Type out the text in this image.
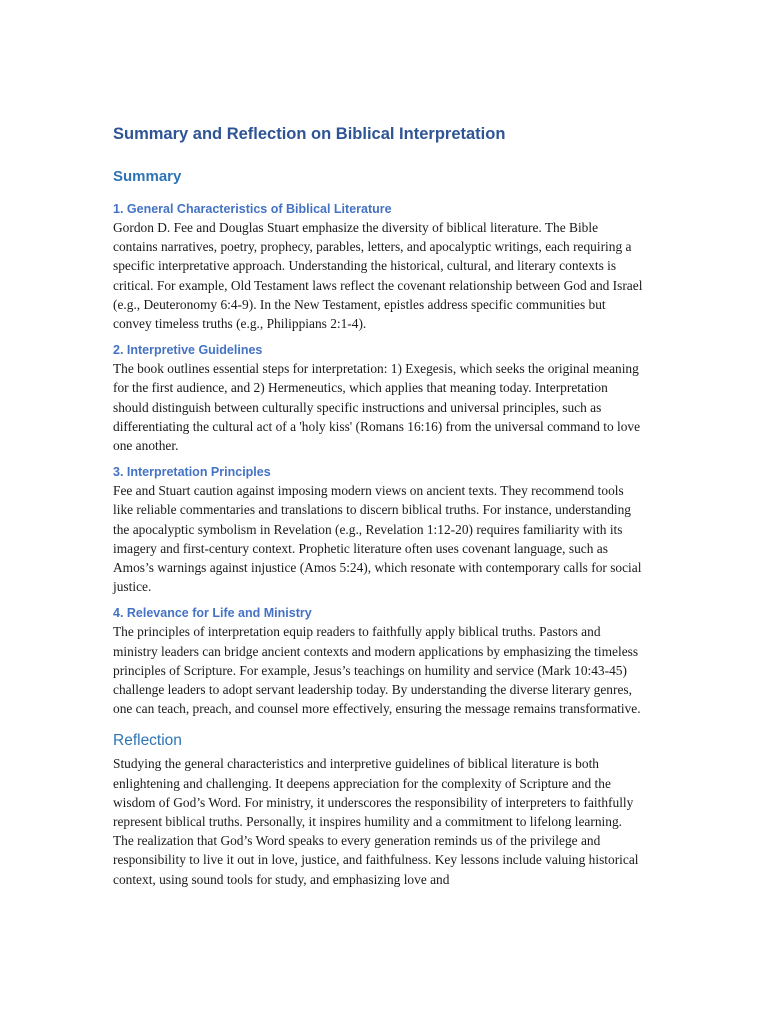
Summary and Reflection on Biblical Interpretation
Summary
1. General Characteristics of Biblical Literature

Gordon D. Fee and Douglas Stuart emphasize the diversity of biblical literature. The Bible contains narratives, poetry, prophecy, parables, letters, and apocalyptic writings, each requiring a specific interpretative approach. Understanding the historical, cultural, and literary contexts is critical. For example, Old Testament laws reflect the covenant relationship between God and Israel (e.g., Deuteronomy 6:4-9). In the New Testament, epistles address specific communities but convey timeless truths (e.g., Philippians 2:1-4).

2. Interpretive Guidelines

The book outlines essential steps for interpretation: 1) Exegesis, which seeks the original meaning for the first audience, and 2) Hermeneutics, which applies that meaning today. Interpretation should distinguish between culturally specific instructions and universal principles, such as differentiating the cultural act of a 'holy kiss' (Romans 16:16) from the universal command to love one another.

3. Interpretation Principles

Fee and Stuart caution against imposing modern views on ancient texts. They recommend tools like reliable commentaries and translations to discern biblical truths. For instance, understanding the apocalyptic symbolism in Revelation (e.g., Revelation 1:12-20) requires familiarity with its imagery and first-century context. Prophetic literature often uses covenant language, such as Amos’s warnings against injustice (Amos 5:24), which resonate with contemporary calls for social justice.

4. Relevance for Life and Ministry

The principles of interpretation equip readers to faithfully apply biblical truths. Pastors and ministry leaders can bridge ancient contexts and modern applications by emphasizing the timeless principles of Scripture. For example, Jesus’s teachings on humility and service (Mark 10:43-45) challenge leaders to adopt servant leadership today. By understanding the diverse literary genres, one can teach, preach, and counsel more effectively, ensuring the message remains transformative.

Reflection

Studying the general characteristics and interpretive guidelines of biblical literature is both enlightening and challenging. It deepens appreciation for the complexity of Scripture and the wisdom of God’s Word. For ministry, it underscores the responsibility of interpreters to faithfully represent biblical truths. Personally, it inspires humility and a commitment to lifelong learning. The realization that God’s Word speaks to every generation reminds us of the privilege and responsibility to live it out in love, justice, and faithfulness. Key lessons include valuing historical context, using sound tools for study, and emphasizing love and
